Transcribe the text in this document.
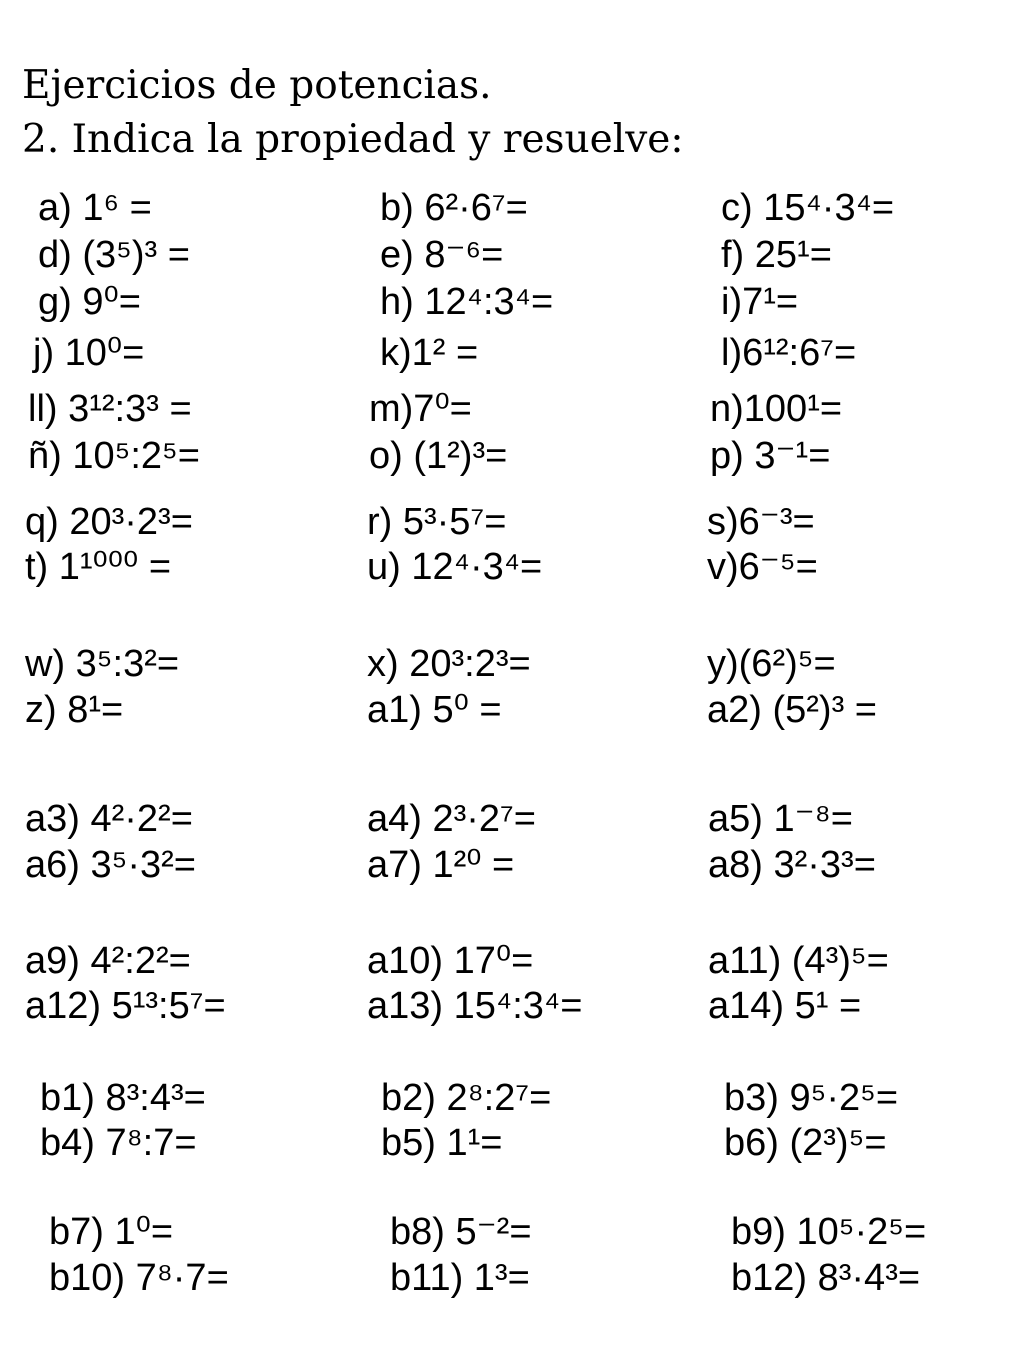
Ejercicios de potencias.
2. Indica la propiedad y resuelve:
a) 1⁶ =	b) 6²·6⁷=	c) 15⁴·3⁴=
d) (3⁵)³ =	e) 8⁻⁶=	f) 25¹=
g) 9⁰=	h) 12⁴:3⁴=	i)7¹=
j) 10⁰=	k)1² =	l)6¹²:6⁷=
ll) 3¹²:3³ =	m)7⁰=	n)100¹=
ñ) 10⁵:2⁵=	o) (1²)³=	p) 3⁻¹=
q) 20³·2³=	r) 5³·5⁷=	s)6⁻³=
t) 1¹⁰⁰⁰ =	u) 12⁴·3⁴=	v)6⁻⁵=
w) 3⁵:3²=	x) 20³:2³=	y)(6²)⁵=
z) 8¹=	a1) 5⁰ =	a2) (5²)³ =
a3) 4²·2²=	a4) 2³·2⁷=	a5) 1⁻⁸=
a6) 3⁵·3²=	a7) 1²⁰ =	a8) 3²·3³=
a9) 4²:2²=	a10) 17⁰=	a11) (4³)⁵=
a12) 5¹³:5⁷=	a13) 15⁴:3⁴=	a14) 5¹ =
b1) 8³:4³=	b2) 2⁸:2⁷=	b3) 9⁵·2⁵=
b4) 7⁸:7=	b5) 1¹=	b6) (2³)⁵=
b7) 1⁰=	b8) 5⁻²=	b9) 10⁵·2⁵=
b10) 7⁸·7=	b11) 1³=	b12) 8³·4³=
